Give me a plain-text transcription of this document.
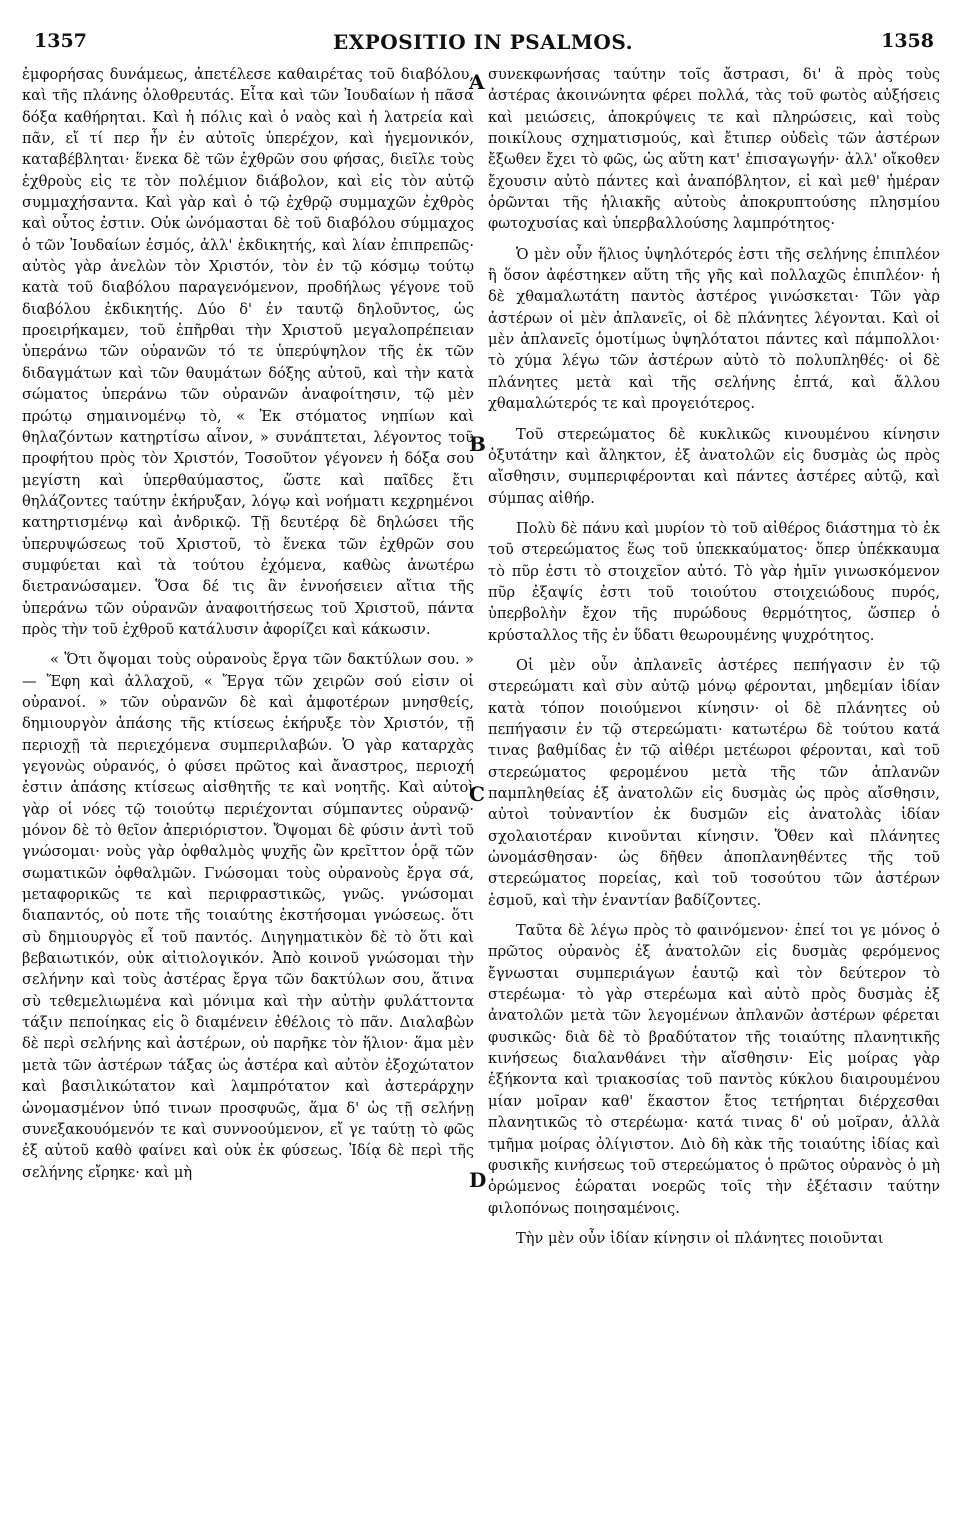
1357	EXPOSITIO IN PSALMOS.	1358

ἐμφορήσας δυνάμεως, ἀπετέλεσε καθαιρέτας τοῦ διαβόλου, καὶ τῆς πλάνης ὀλοθρευτάς. Εἶτα καὶ τῶν Ἰουδαίων ἡ πᾶσα δόξα καθήρηται. Καὶ ἡ πόλις καὶ ὁ ναὸς καὶ ἡ λατρεία καὶ πᾶν, εἴ τί περ ἦν ἐν αὐτοῖς ὑπερέχον, καὶ ἡγεμονικόν, καταβέβληται· ἕνεκα δὲ τῶν ἐχθρῶν σου φήσας, διεῖλε τοὺς ἐχθροὺς εἰς τε τὸν πολέμιον διάβολον, καὶ εἰς τὸν αὐτῷ συμμαχήσαντα. Καὶ γὰρ καὶ ὁ τῷ ἐχθρῷ συμμαχῶν ἐχθρὸς καὶ οὗτος ἐστιν. Οὐκ ὠνόμασται δὲ τοῦ διαβόλου σύμμαχος ὁ τῶν Ἰουδαίων ἐσμός, ἀλλ' ἐκδικητής, καὶ λίαν ἐπιπρεπῶς· αὐτὸς γὰρ ἀνελὼν τὸν Χριστόν, τὸν ἐν τῷ κόσμῳ τούτῳ κατὰ τοῦ διαβόλου παραγενόμενον, προδήλως γέγονε τοῦ διαβόλου ἐκδικητής. Δύο δ' ἐν ταυτῷ δηλοῦντος, ὡς προειρήκαμεν, τοῦ ἐπῆρθαι τὴν Χριστοῦ μεγαλοπρέπειαν ὑπεράνω τῶν οὐρανῶν τό τε ὑπερύψηλον τῆς ἐκ τῶν διδαγμάτων καὶ τῶν θαυμάτων δόξης αὐτοῦ, καὶ τὴν κατὰ σώματος ὑπεράνω τῶν οὐρανῶν ἀναφοίτησιν, τῷ μὲν πρώτῳ σημαινομένῳ τὸ, « Ἐκ στόματος νηπίων καὶ θηλαζόντων κατηρτίσω αἶνον, » συνάπτεται, λέγοντος τοῦ προφήτου πρὸς τὸν Χριστόν, Τοσοῦτον γέγονεν ἡ δόξα σου μεγίστη καὶ ὑπερθαύμαστος, ὥστε καὶ παῖδες ἔτι θηλάζοντες ταύτην ἐκήρυξαν, λόγῳ καὶ νοήματι κεχρημένοι κατηρτισμένῳ καὶ ἀνδρικῷ. Τῇ δευτέρᾳ δὲ δηλώσει τῆς ὑπερυψώσεως τοῦ Χριστοῦ, τὸ ἕνεκα τῶν ἐχθρῶν σου συμφύεται καὶ τὰ τούτου ἐχόμενα, καθὼς ἀνωτέρω διετρανώσαμεν. Ὅσα δέ τις ἂν ἐννοήσειεν αἴτια τῆς ὑπεράνω τῶν οὐρανῶν ἀναφοιτήσεως τοῦ Χριστοῦ, πάντα πρὸς τὴν τοῦ ἐχθροῦ κατάλυσιν ἀφορίζει καὶ κάκωσιν.

« Ὅτι ὄψομαι τοὺς οὐρανοὺς ἔργα τῶν δακτύλων σου. » — Ἔφη καὶ ἀλλαχοῦ, « Ἔργα τῶν χειρῶν σού εἰσιν οἱ οὐρανοί. » τῶν οὐρανῶν δὲ καὶ ἀμφοτέρων μνησθείς, δημιουργὸν ἁπάσης τῆς κτίσεως ἐκήρυξε τὸν Χριστόν, τῇ περιοχῇ τὰ περιεχόμενα συμπεριλαβών. Ὁ γὰρ καταρχὰς γεγονὼς οὐρανός, ὁ φύσει πρῶτος καὶ ἄναστρος, περιοχή ἐστιν ἁπάσης κτίσεως αἰσθητῆς τε καὶ νοητῆς. Καὶ αὐτοὶ γὰρ οἱ νόες τῷ τοιούτῳ περιέχονται σύμπαντες οὐρανῷ· μόνον δὲ τὸ θεῖον ἀπεριόριστον. Ὄψομαι δὲ φύσιν ἀντὶ τοῦ γνώσομαι· νοὺς γὰρ ὀφθαλμὸς ψυχῆς ὢν κρεῖττον ὁρᾷ τῶν σωματικῶν ὀφθαλμῶν. Γνώσομαι τοὺς οὐρανοὺς ἔργα σά, μεταφορικῶς τε καὶ περιφραστικῶς, γνῶς. γνώσομαι διαπαντός, οὐ ποτε τῆς τοιαύτης ἐκστήσομαι γνώσεως. ὅτι σὺ δημιουργὸς εἶ τοῦ παντός. Διηγηματικὸν δὲ τὸ ὅτι καὶ βεβαιωτικόν, οὐκ αἰτιολογικόν. Ἀπὸ κοινοῦ γνώσομαι τὴν σελήνην καὶ τοὺς ἀστέρας ἔργα τῶν δακτύλων σου, ἅτινα σὺ τεθεμελιωμένα καὶ μόνιμα καὶ τὴν αὐτὴν φυλάττοντα τάξιν πεποίηκας εἰς ὃ διαμένειν ἐθέλοις τὸ πᾶν. Διαλαβὼν δὲ περὶ σελήνης καὶ ἀστέρων, οὐ παρῆκε τὸν ἥλιον· ἅμα μὲν μετὰ τῶν ἀστέρων τάξας ὡς ἀστέρα καὶ αὐτὸν ἐξοχώτατον καὶ βασιλικώτατον καὶ λαμπρότατον καὶ ἀστεράρχην ὠνομασμένον ὑπό τινων προσφυῶς, ἅμα δ' ὡς τῇ σελήνῃ συνεξακουόμενόν τε καὶ συννοούμενον, εἴ γε ταύτῃ τὸ φῶς ἐξ αὐτοῦ καθὸ φαίνει καὶ οὐκ ἐκ φύσεως. Ἰδίᾳ δὲ περὶ τῆς σελήνης εἴρηκε· καὶ μὴ

A
B
C
D

συνεκφωνήσας ταύτην τοῖς ἄστρασι, δι' ἃ πρὸς τοὺς ἀστέρας ἀκοινώνητα φέρει πολλά, τὰς τοῦ φωτὸς αὐξήσεις καὶ μειώσεις, ἀποκρύψεις τε καὶ πληρώσεις, καὶ τοὺς ποικίλους σχηματισμούς, καὶ ἔτιπερ οὐδεὶς τῶν ἀστέρων ἔξωθεν ἔχει τὸ φῶς, ὡς αὕτη κατ' ἐπισαγωγήν· ἀλλ' οἴκοθεν ἔχουσιν αὐτὸ πάντες καὶ ἀναπόβλητον, εἰ καὶ μεθ' ἡμέραν ὁρῶνται τῆς ἡλιακῆς αὐτοὺς ἀποκρυπτούσης πλησμίου φωτοχυσίας καὶ ὑπερβαλλούσης λαμπρότητος·

Ὁ μὲν οὖν ἥλιος ὑψηλότερός ἐστι τῆς σελήνης ἐπιπλέον ἢ ὅσον ἀφέστηκεν αὕτη τῆς γῆς καὶ πολλαχῶς ἐπιπλέον· ἡ δὲ χθαμαλωτάτη παντὸς ἀστέρος γινώσκεται· Τῶν γὰρ ἀστέρων οἱ μὲν ἀπλανεῖς, οἱ δὲ πλάνητες λέγονται. Καὶ οἱ μὲν ἀπλανεῖς ὁμοτίμως ὑψηλότατοι πάντες καὶ πάμπολλοι· τὸ χύμα λέγω τῶν ἀστέρων αὐτὸ τὸ πολυπληθές· οἱ δὲ πλάνητες μετὰ καὶ τῆς σελήνης ἑπτά, καὶ ἄλλου χθαμαλώτερός τε καὶ προγειότερος.

Τοῦ στερεώματος δὲ κυκλικῶς κινουμένου κίνησιν ὀξυτάτην καὶ ἄληκτον, ἐξ ἀνατολῶν εἰς δυσμὰς ὡς πρὸς αἴσθησιν, συμπεριφέρονται καὶ πάντες ἀστέρες αὐτῷ, καὶ σύμπας αἰθήρ.

Πολὺ δὲ πάνυ καὶ μυρίον τὸ τοῦ αἰθέρος διάστημα τὸ ἐκ τοῦ στερεώματος ἕως τοῦ ὑπεκκαύματος· ὅπερ ὑπέκκαυμα τὸ πῦρ ἐστι τὸ στοιχεῖον αὐτό. Τὸ γὰρ ἡμῖν γινωσκόμενον πῦρ ἐξαψίς ἐστι τοῦ τοιούτου στοιχειώδους πυρός, ὑπερβολὴν ἔχον τῆς πυρώδους θερμότητος, ὥσπερ ὁ κρύσταλλος τῆς ἐν ὕδατι θεωρουμένης ψυχρότητος.

Οἱ μὲν οὖν ἀπλανεῖς ἀστέρες πεπήγασιν ἐν τῷ στερεώματι καὶ σὺν αὐτῷ μόνῳ φέρονται, μηδεμίαν ἰδίαν κατὰ τόπον ποιούμενοι κίνησιν· οἱ δὲ πλάνητες οὐ πεπήγασιν ἐν τῷ στερεώματι· κατωτέρω δὲ τούτου κατά τινας βαθμίδας ἐν τῷ αἰθέρι μετέωροι φέρονται, καὶ τοῦ στερεώματος φερομένου μετὰ τῆς τῶν ἀπλανῶν παμπληθείας ἐξ ἀνατολῶν εἰς δυσμὰς ὡς πρὸς αἴσθησιν, αὐτοὶ τοὐναντίον ἐκ δυσμῶν εἰς ἀνατολὰς ἰδίαν σχολαιοτέραν κινοῦνται κίνησιν. Ὅθεν καὶ πλάνητες ὠνομάσθησαν· ὡς δῆθεν ἀποπλανηθέντες τῆς τοῦ στερεώματος πορείας, καὶ τοῦ τοσούτου τῶν ἀστέρων ἐσμοῦ, καὶ τὴν ἐναντίαν βαδίζοντες.

Ταῦτα δὲ λέγω πρὸς τὸ φαινόμενον· ἐπεί τοι γε μόνος ὁ πρῶτος οὐρανὸς ἐξ ἀνατολῶν εἰς δυσμὰς φερόμενος ἔγνωσται συμπεριάγων ἑαυτῷ καὶ τὸν δεύτερον τὸ στερέωμα· τὸ γὰρ στερέωμα καὶ αὐτὸ πρὸς δυσμὰς ἐξ ἀνατολῶν μετὰ τῶν λεγομένων ἀπλανῶν ἀστέρων φέρεται φυσικῶς· διὰ δὲ τὸ βραδύτατον τῆς τοιαύτης πλανητικῆς κινήσεως διαλανθάνει τὴν αἴσθησιν· Εἰς μοίρας γὰρ ἑξήκοντα καὶ τριακοσίας τοῦ παντὸς κύκλου διαιρουμένου μίαν μοῖραν καθ' ἕκαστον ἔτος τετήρηται διέρχεσθαι πλανητικῶς τὸ στερέωμα· κατά τινας δ' οὐ μοῖραν, ἀλλὰ τμῆμα μοίρας ὀλίγιστον. Διὸ δὴ κὰκ τῆς τοιαύτης ἰδίας καὶ φυσικῆς κινήσεως τοῦ στερεώματος ὁ πρῶτος οὐρανὸς ὁ μὴ ὁρώμενος ἑώραται νοερῶς τοῖς τὴν ἐξέτασιν ταύτην φιλοπόνως ποιησαμένοις.

Τὴν μὲν οὖν ἰδίαν κίνησιν οἱ πλάνητες ποιοῦνται
